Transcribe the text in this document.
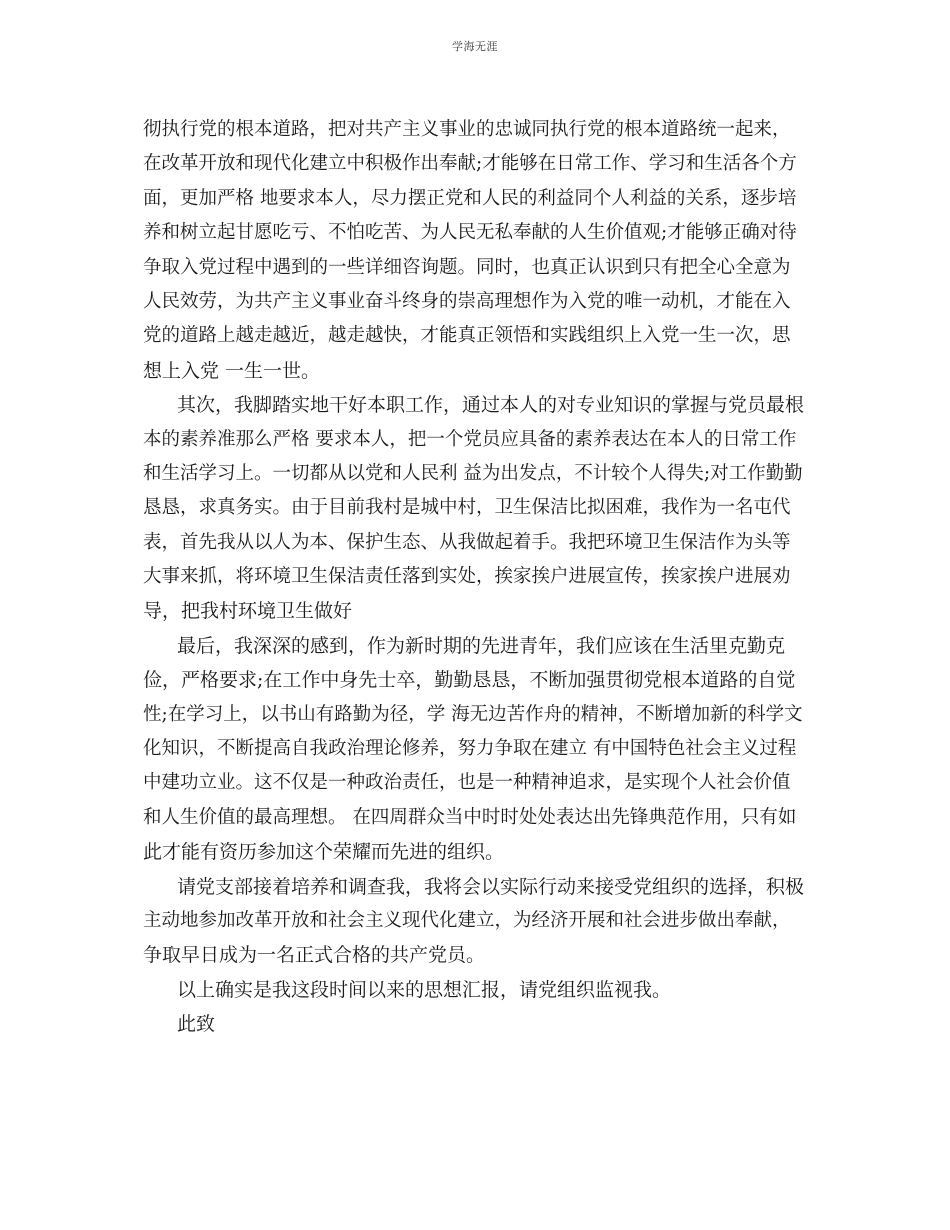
学海无涯
彻执行党的根本道路，把对共产主义事业的忠诚同执行党的根本道路统一起来，
在改革开放和现代化建立中积极作出奉献;才能够在日常工作、学习和生活各个方
面，更加严格 地要求本人，尽力摆正党和人民的利益同个人利益的关系，逐步培
养和树立起甘愿吃亏、不怕吃苦、为人民无私奉献的人生价值观;才能够正确对待
争取入党过程中遇到的一些详细咨询题。同时，也真正认识到只有把全心全意为
人民效劳，为共产主义事业奋斗终身的崇高理想作为入党的唯一动机，才能在入
党的道路上越走越近，越走越快，才能真正领悟和实践组织上入党一生一次，思
想上入党 一生一世。
其次，我脚踏实地干好本职工作，通过本人的对专业知识的掌握与党员最根
本的素养准那么严格 要求本人，把一个党员应具备的素养表达在本人的日常工作
和生活学习上。一切都从以党和人民利 益为出发点，不计较个人得失;对工作勤勤
恳恳，求真务实。由于目前我村是城中村，卫生保洁比拟困难，我作为一名屯代
表，首先我从以人为本、保护生态、从我做起着手。我把环境卫生保洁作为头等
大事来抓，将环境卫生保洁责任落到实处，挨家挨户进展宣传，挨家挨户进展劝
导，把我村环境卫生做好
最后，我深深的感到，作为新时期的先进青年，我们应该在生活里克勤克
俭，严格要求;在工作中身先士卒，勤勤恳恳，不断加强贯彻党根本道路的自觉
性;在学习上，以书山有路勤为径，学 海无边苦作舟的精神，不断增加新的科学文
化知识，不断提高自我政治理论修养，努力争取在建立 有中国特色社会主义过程
中建功立业。这不仅是一种政治责任，也是一种精神追求，是实现个人社会价值
和人生价值的最高理想。 在四周群众当中时时处处表达出先锋典范作用，只有如
此才能有资历参加这个荣耀而先进的组织。
请党支部接着培养和调查我，我将会以实际行动来接受党组织的选择，积极
主动地参加改革开放和社会主义现代化建立，为经济开展和社会进步做出奉献，
争取早日成为一名正式合格的共产党员。
以上确实是我这段时间以来的思想汇报，请党组织监视我。
此致
